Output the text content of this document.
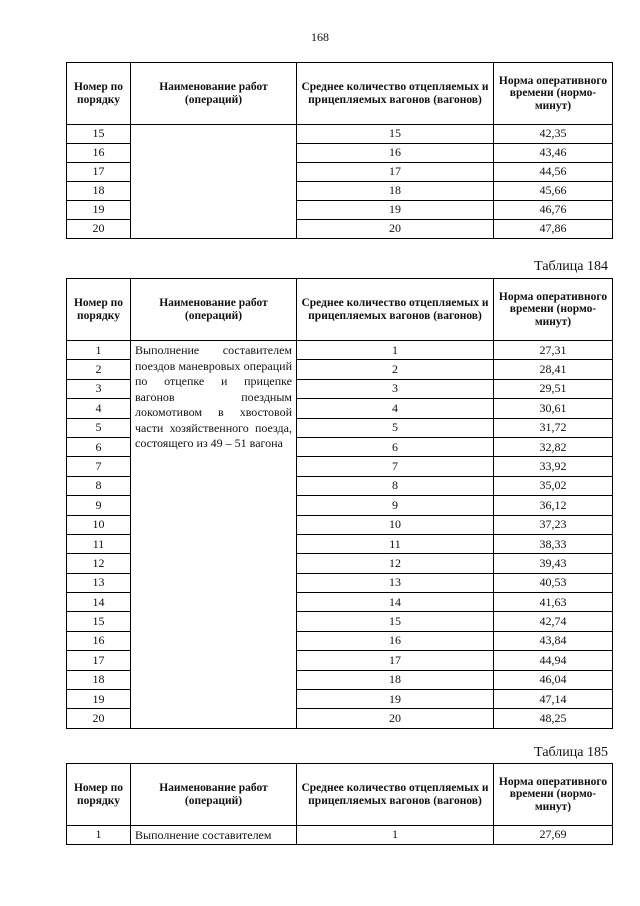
168
Номер по порядку	Наименование работ (операций)	Среднее количество отцепляемых и прицепляемых вагонов (вагонов)	Норма оперативного времени (нормо-минут)
15		15	42,35
16		16	43,46
17		17	44,56
18		18	45,66
19		19	46,76
20		20	47,86
Таблица 184
Номер по порядку	Наименование работ (операций)	Среднее количество отцепляемых и прицепляемых вагонов (вагонов)	Норма оперативного времени (нормо-минут)
1	Выполнение составителем поездов маневровых операций по отцепке и прицепке вагонов поездным локомотивом в хвостовой части хозяйственного поезда, состоящего из 49 – 51 вагона	1	27,31
2		2	28,41
3		3	29,51
4		4	30,61
5		5	31,72
6		6	32,82
7		7	33,92
8		8	35,02
9		9	36,12
10		10	37,23
11		11	38,33
12		12	39,43
13		13	40,53
14		14	41,63
15		15	42,74
16		16	43,84
17		17	44,94
18		18	46,04
19		19	47,14
20		20	48,25
Таблица 185
Номер по порядку	Наименование работ (операций)	Среднее количество отцепляемых и прицепляемых вагонов (вагонов)	Норма оперативного времени (нормо-минут)
1	Выполнение составителем	1	27,69
